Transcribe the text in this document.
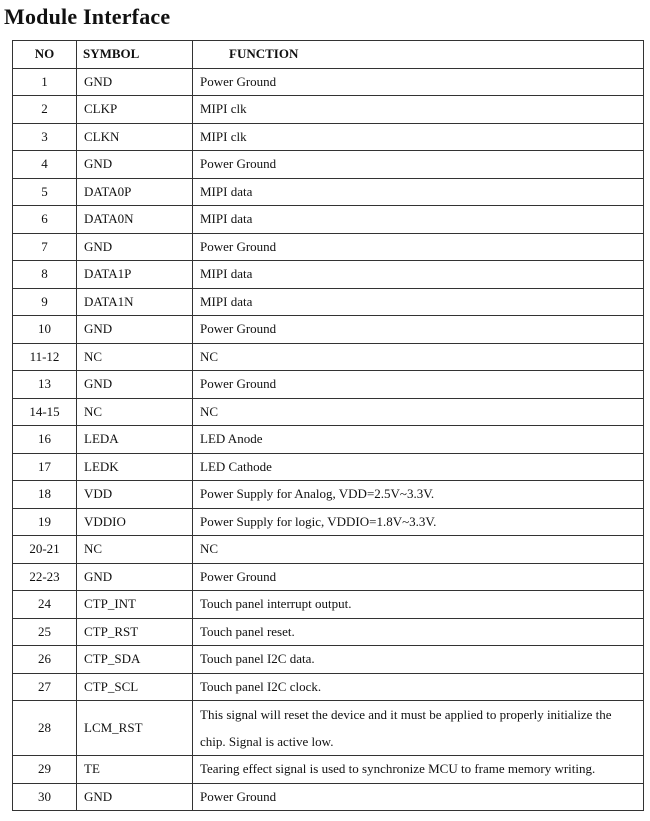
Module Interface
NO	SYMBOL	FUNCTION
1	GND	Power Ground
2	CLKP	MIPI clk
3	CLKN	MIPI clk
4	GND	Power Ground
5	DATA0P	MIPI data
6	DATA0N	MIPI data
7	GND	Power Ground
8	DATA1P	MIPI data
9	DATA1N	MIPI data
10	GND	Power Ground
11-12	NC	NC
13	GND	Power Ground
14-15	NC	NC
16	LEDA	LED Anode
17	LEDK	LED Cathode
18	VDD	Power Supply for Analog, VDD=2.5V~3.3V.
19	VDDIO	Power Supply for logic, VDDIO=1.8V~3.3V.
20-21	NC	NC
22-23	GND	Power Ground
24	CTP_INT	Touch panel interrupt output.
25	CTP_RST	Touch panel reset.
26	CTP_SDA	Touch panel I2C data.
27	CTP_SCL	Touch panel I2C clock.
28	LCM_RST	This signal will reset the device and it must be applied to properly initialize the chip. Signal is active low.
29	TE	Tearing effect signal is used to synchronize MCU to frame memory writing.
30	GND	Power Ground
